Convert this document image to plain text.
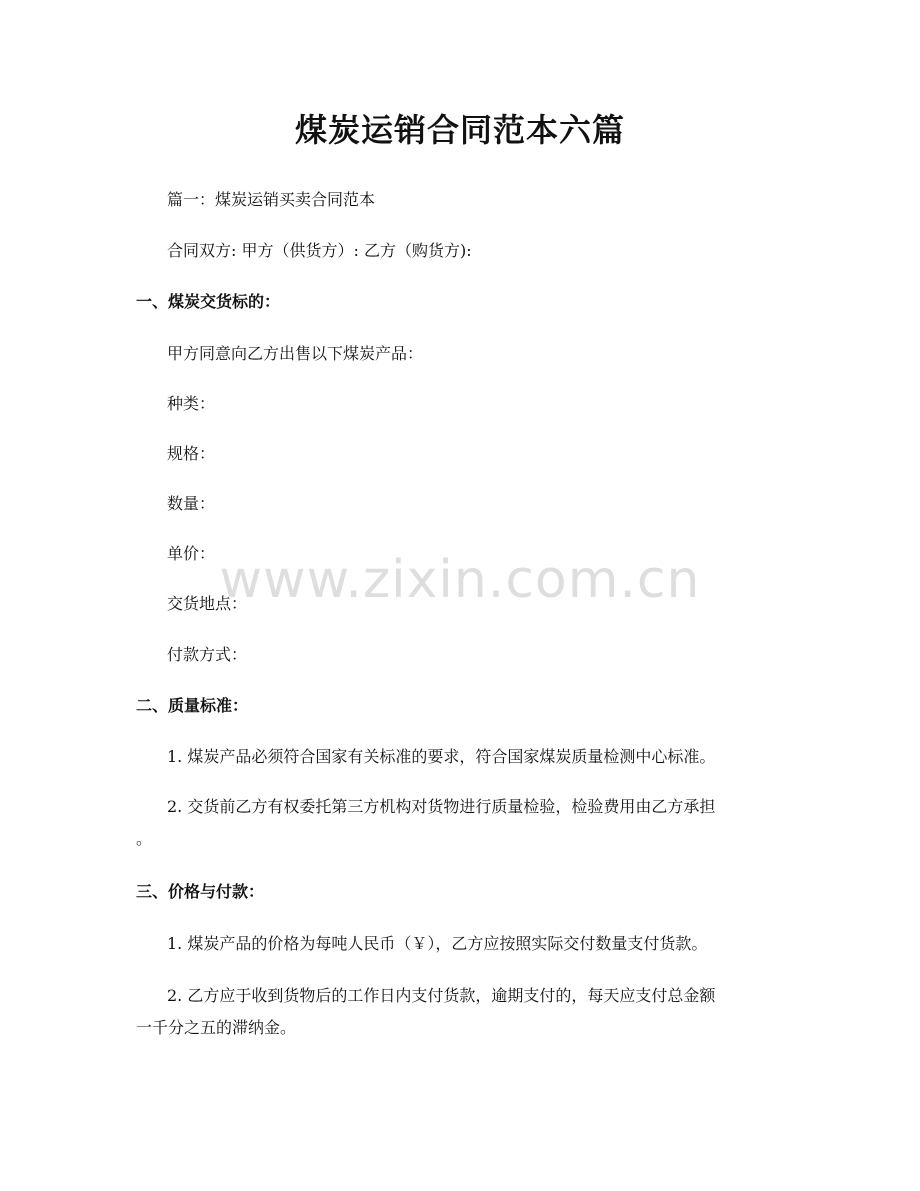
煤炭运销合同范本六篇

篇一：煤炭运销买卖合同范本

合同双方: 甲方（供货方）: 乙方（购货方):

一、煤炭交货标的：

甲方同意向乙方出售以下煤炭产品：

种类：

规格：

数量：

单价：

交货地点：

付款方式：

二、质量标准：

1. 煤炭产品必须符合国家有关标准的要求，符合国家煤炭质量检测中心标准。

2. 交货前乙方有权委托第三方机构对货物进行质量检验，检验费用由乙方承担
。
三、价格与付款：

1. 煤炭产品的价格为每吨人民币（￥），乙方应按照实际交付数量支付货款。

2. 乙方应于收到货物后的工作日内支付货款，逾期支付的，每天应支付总金额
一千分之五的滞纳金。
www.zixin.com.cn
